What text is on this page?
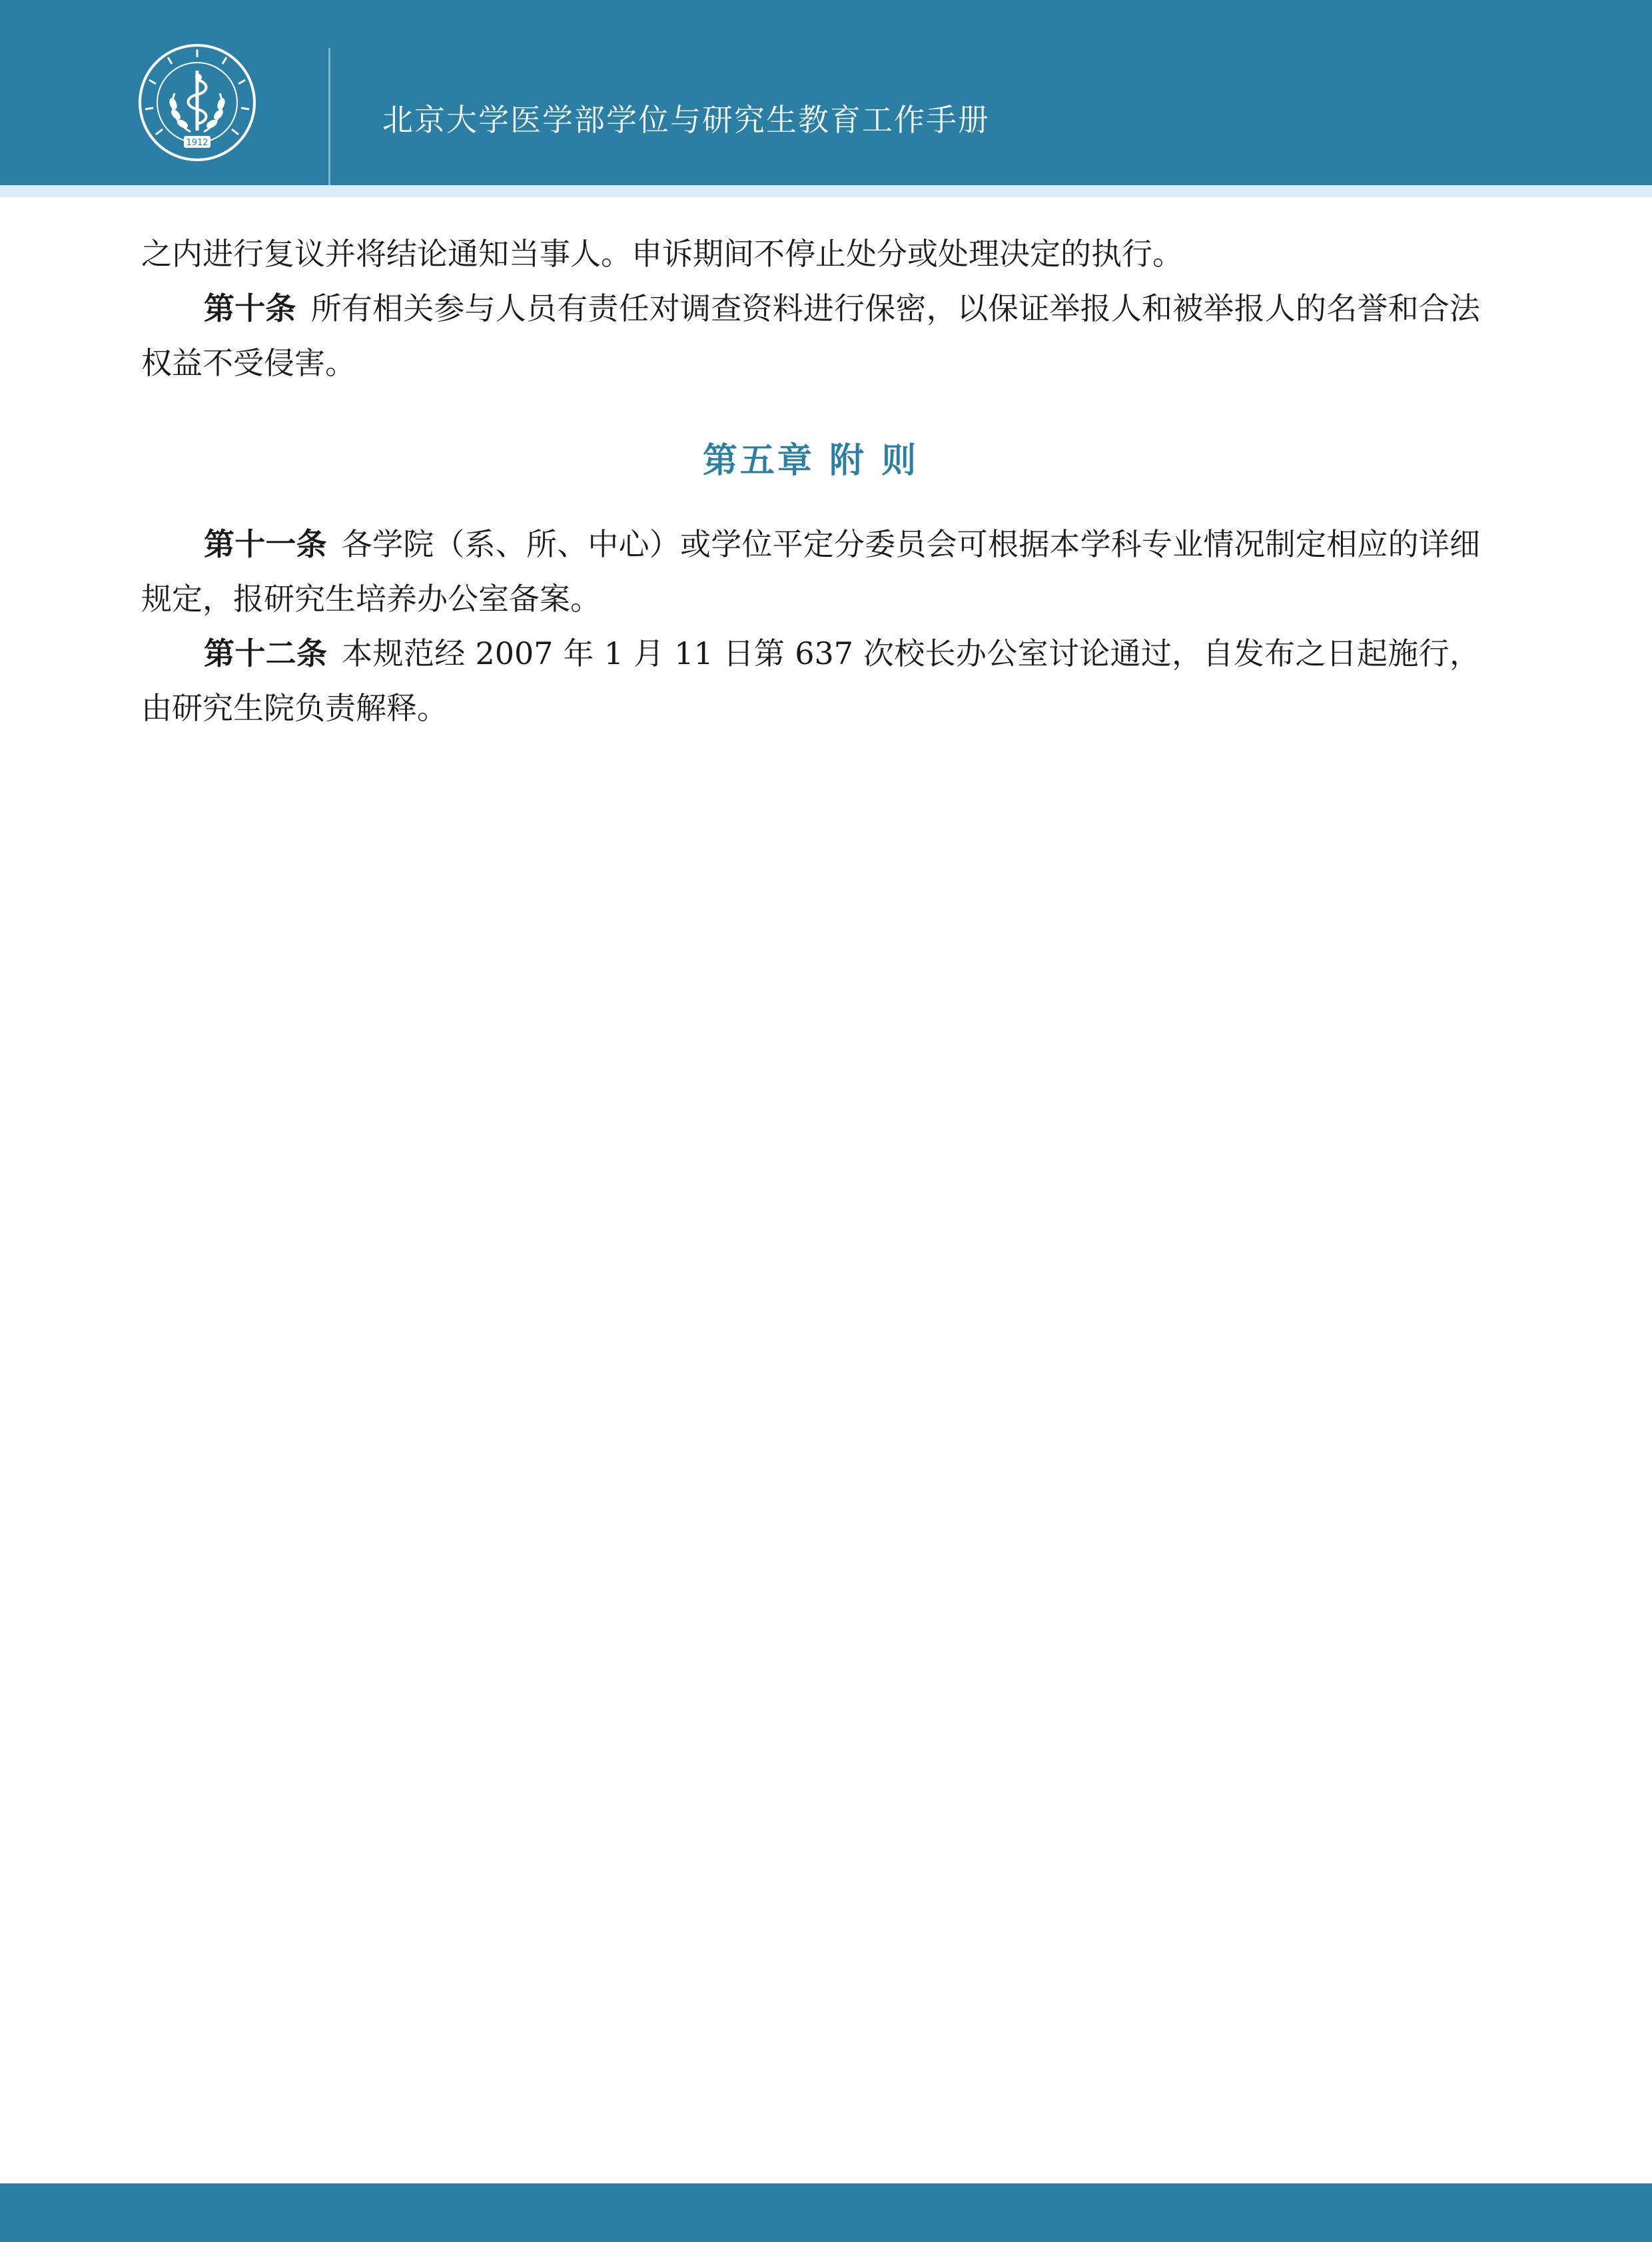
1912
北京大学医学部学位与研究生教育工作手册

之内进行复议并将结论通知当事人。申诉期间不停止处分或处理决定的执行。

第十条 所有相关参与人员有责任对调查资料进行保密，以保证举报人和被举报人的名誉和合法权益不受侵害。

第五章 附 则

第十一条 各学院（系、所、中心）或学位平定分委员会可根据本学科专业情况制定相应的详细规定，报研究生培养办公室备案。

第十二条 本规范经 2007 年 1 月 11 日第 637 次校长办公室讨论通过，自发布之日起施行，由研究生院负责解释。
